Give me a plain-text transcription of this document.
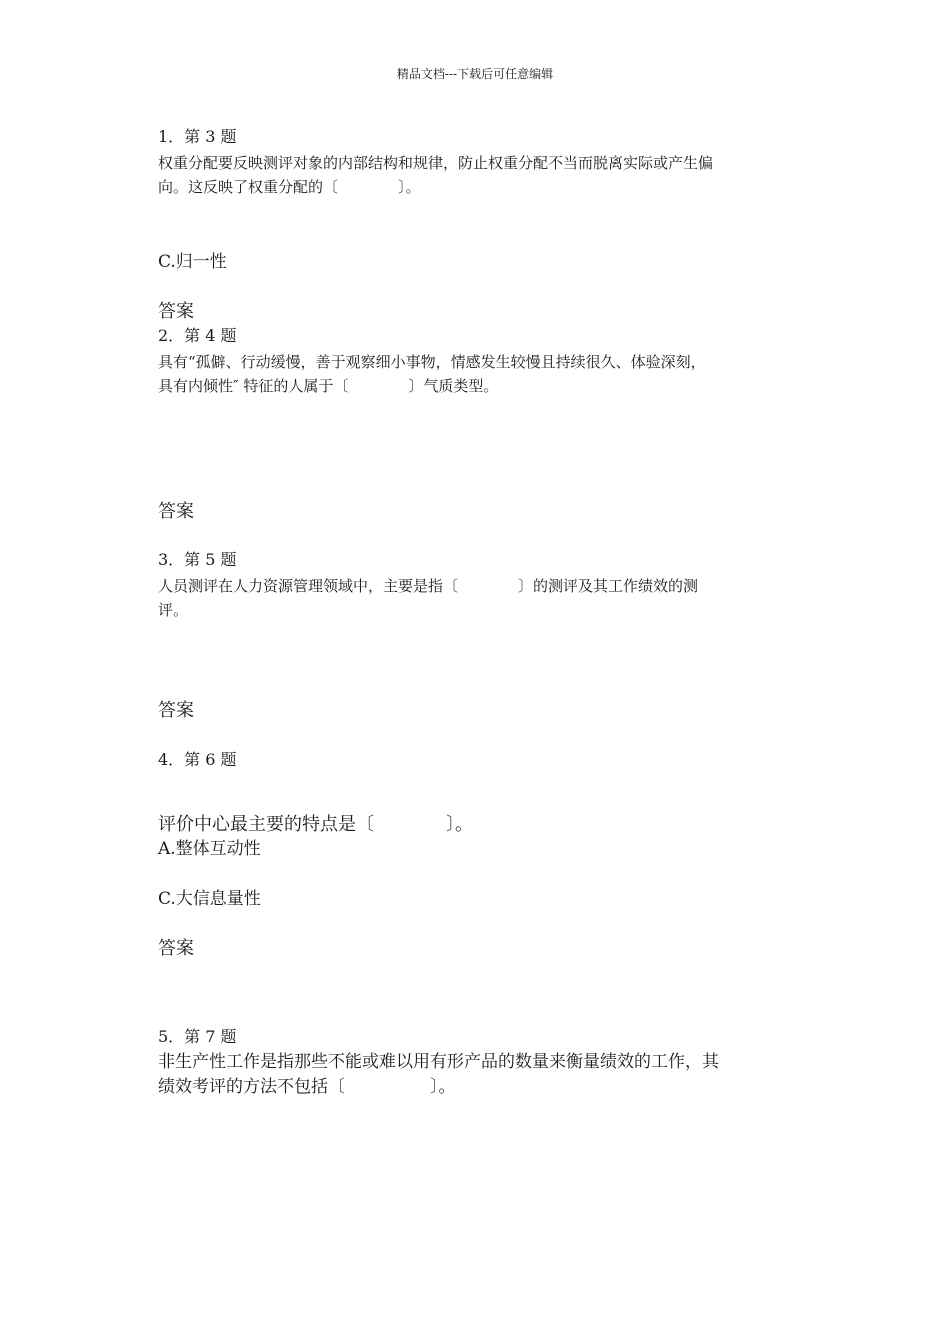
精品文档---下载后可任意编辑
1．第 3 题
权重分配要反映测评对象的内部结构和规律，防止权重分配不当而脱离实际或产生偏
向。这反映了权重分配的〔　　　　〕。
C.归一性
答案
2．第 4 题
具有“孤僻、行动缓慢，善于观察细小事物，情感发生较慢且持续很久、体验深刻，
具有内倾性″ 特征的人属于〔　　　　〕气质类型。
答案
3．第 5 题
人员测评在人力资源管理领域中，主要是指〔　　　　〕的测评及其工作绩效的测
评。
答案
4．第 6 题
评价中心最主要的特点是〔　　　　〕。
A.整体互动性
C.大信息量性
答案
5．第 7 题
非生产性工作是指那些不能或难以用有形产品的数量来衡量绩效的工作，其
绩效考评的方法不包括〔　　　　　〕。
